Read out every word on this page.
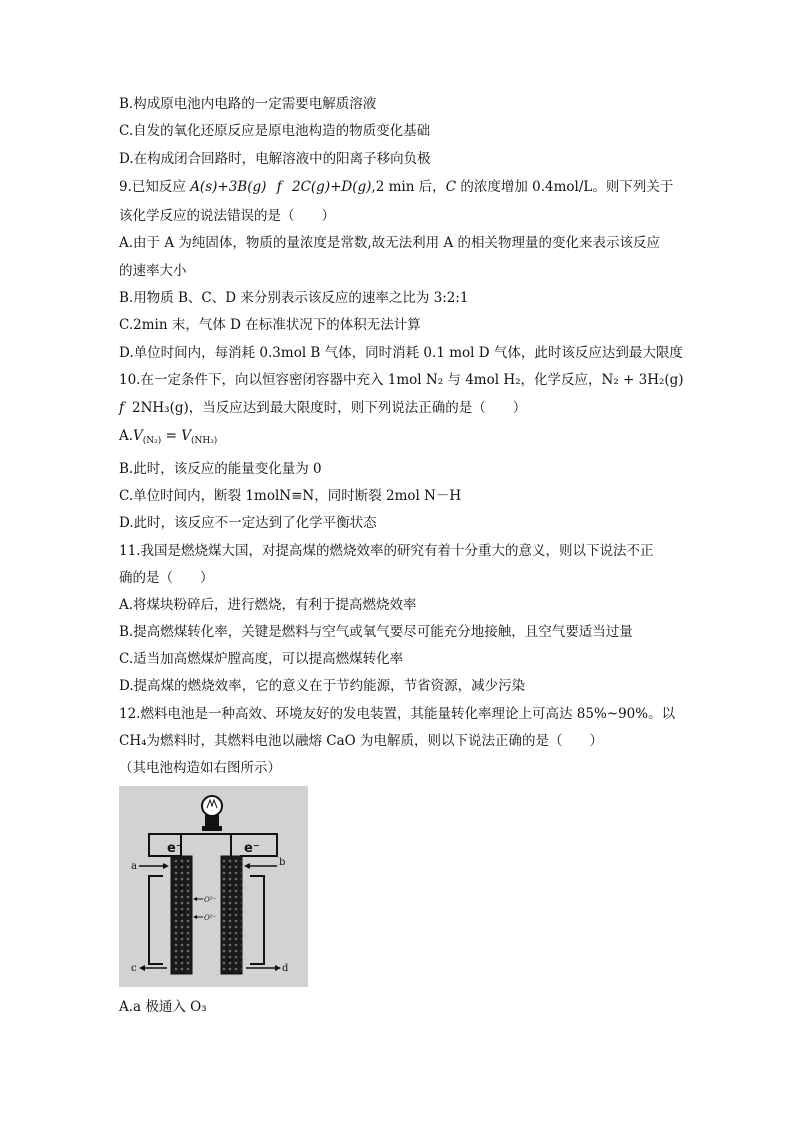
B.构成原电池内电路的一定需要电解质溶液
C.自发的氧化还原反应是原电池构造的物质变化基础
D.在构成闭合回路时，电解溶液中的阳离子移向负极
9.已知反应 A(s)+3B(g) f 2C(g)+D(g),2 min 后，C 的浓度增加 0.4mol/L。则下列关于
该化学反应的说法错误的是（　　）
A.由于 A 为纯固体，物质的量浓度是常数,故无法利用 A 的相关物理量的变化来表示该反应
的速率大小
B.用物质 B、C、D 来分别表示该反应的速率之比为 3:2:1
C.2min 末，气体 D 在标准状况下的体积无法计算
D.单位时间内，每消耗 0.3mol B 气体，同时消耗 0.1 mol D 气体，此时该反应达到最大限度
10.在一定条件下，向以恒容密闭容器中充入 1mol N₂ 与 4mol H₂，化学反应，N₂ + 3H₂(g)
f 2NH₃(g)，当反应达到最大限度时，则下列说法正确的是（　　）
$A.V_{(N_2)} = V_{(NH_3)}$
B.此时，该反应的能量变化量为 0
C.单位时间内，断裂 1molN≡N，同时断裂 2mol N－H
D.此时，该反应不一定达到了化学平衡状态
11.我国是燃烧煤大国，对提高煤的燃烧效率的研究有着十分重大的意义，则以下说法不正
确的是（　　）
A.将煤块粉碎后，进行燃烧，有利于提高燃烧效率
B.提高燃煤转化率，关键是燃料与空气或氧气要尽可能充分地接触，且空气要适当过量
C.适当加高燃煤炉膛高度，可以提高燃煤转化率
D.提高煤的燃烧效率，它的意义在于节约能源，节省资源，减少污染
12.燃料电池是一种高效、环境友好的发电装置，其能量转化率理论上可高达 85%~90%。以
CH₄为燃料时，其燃料电池以融熔 CaO 为电解质，则以下说法正确的是（　　）
（其电池构造如右图所示）
e⁻	e⁻
a	b
c	d
O²⁻
O²⁻
A.a 极通入 O₃
